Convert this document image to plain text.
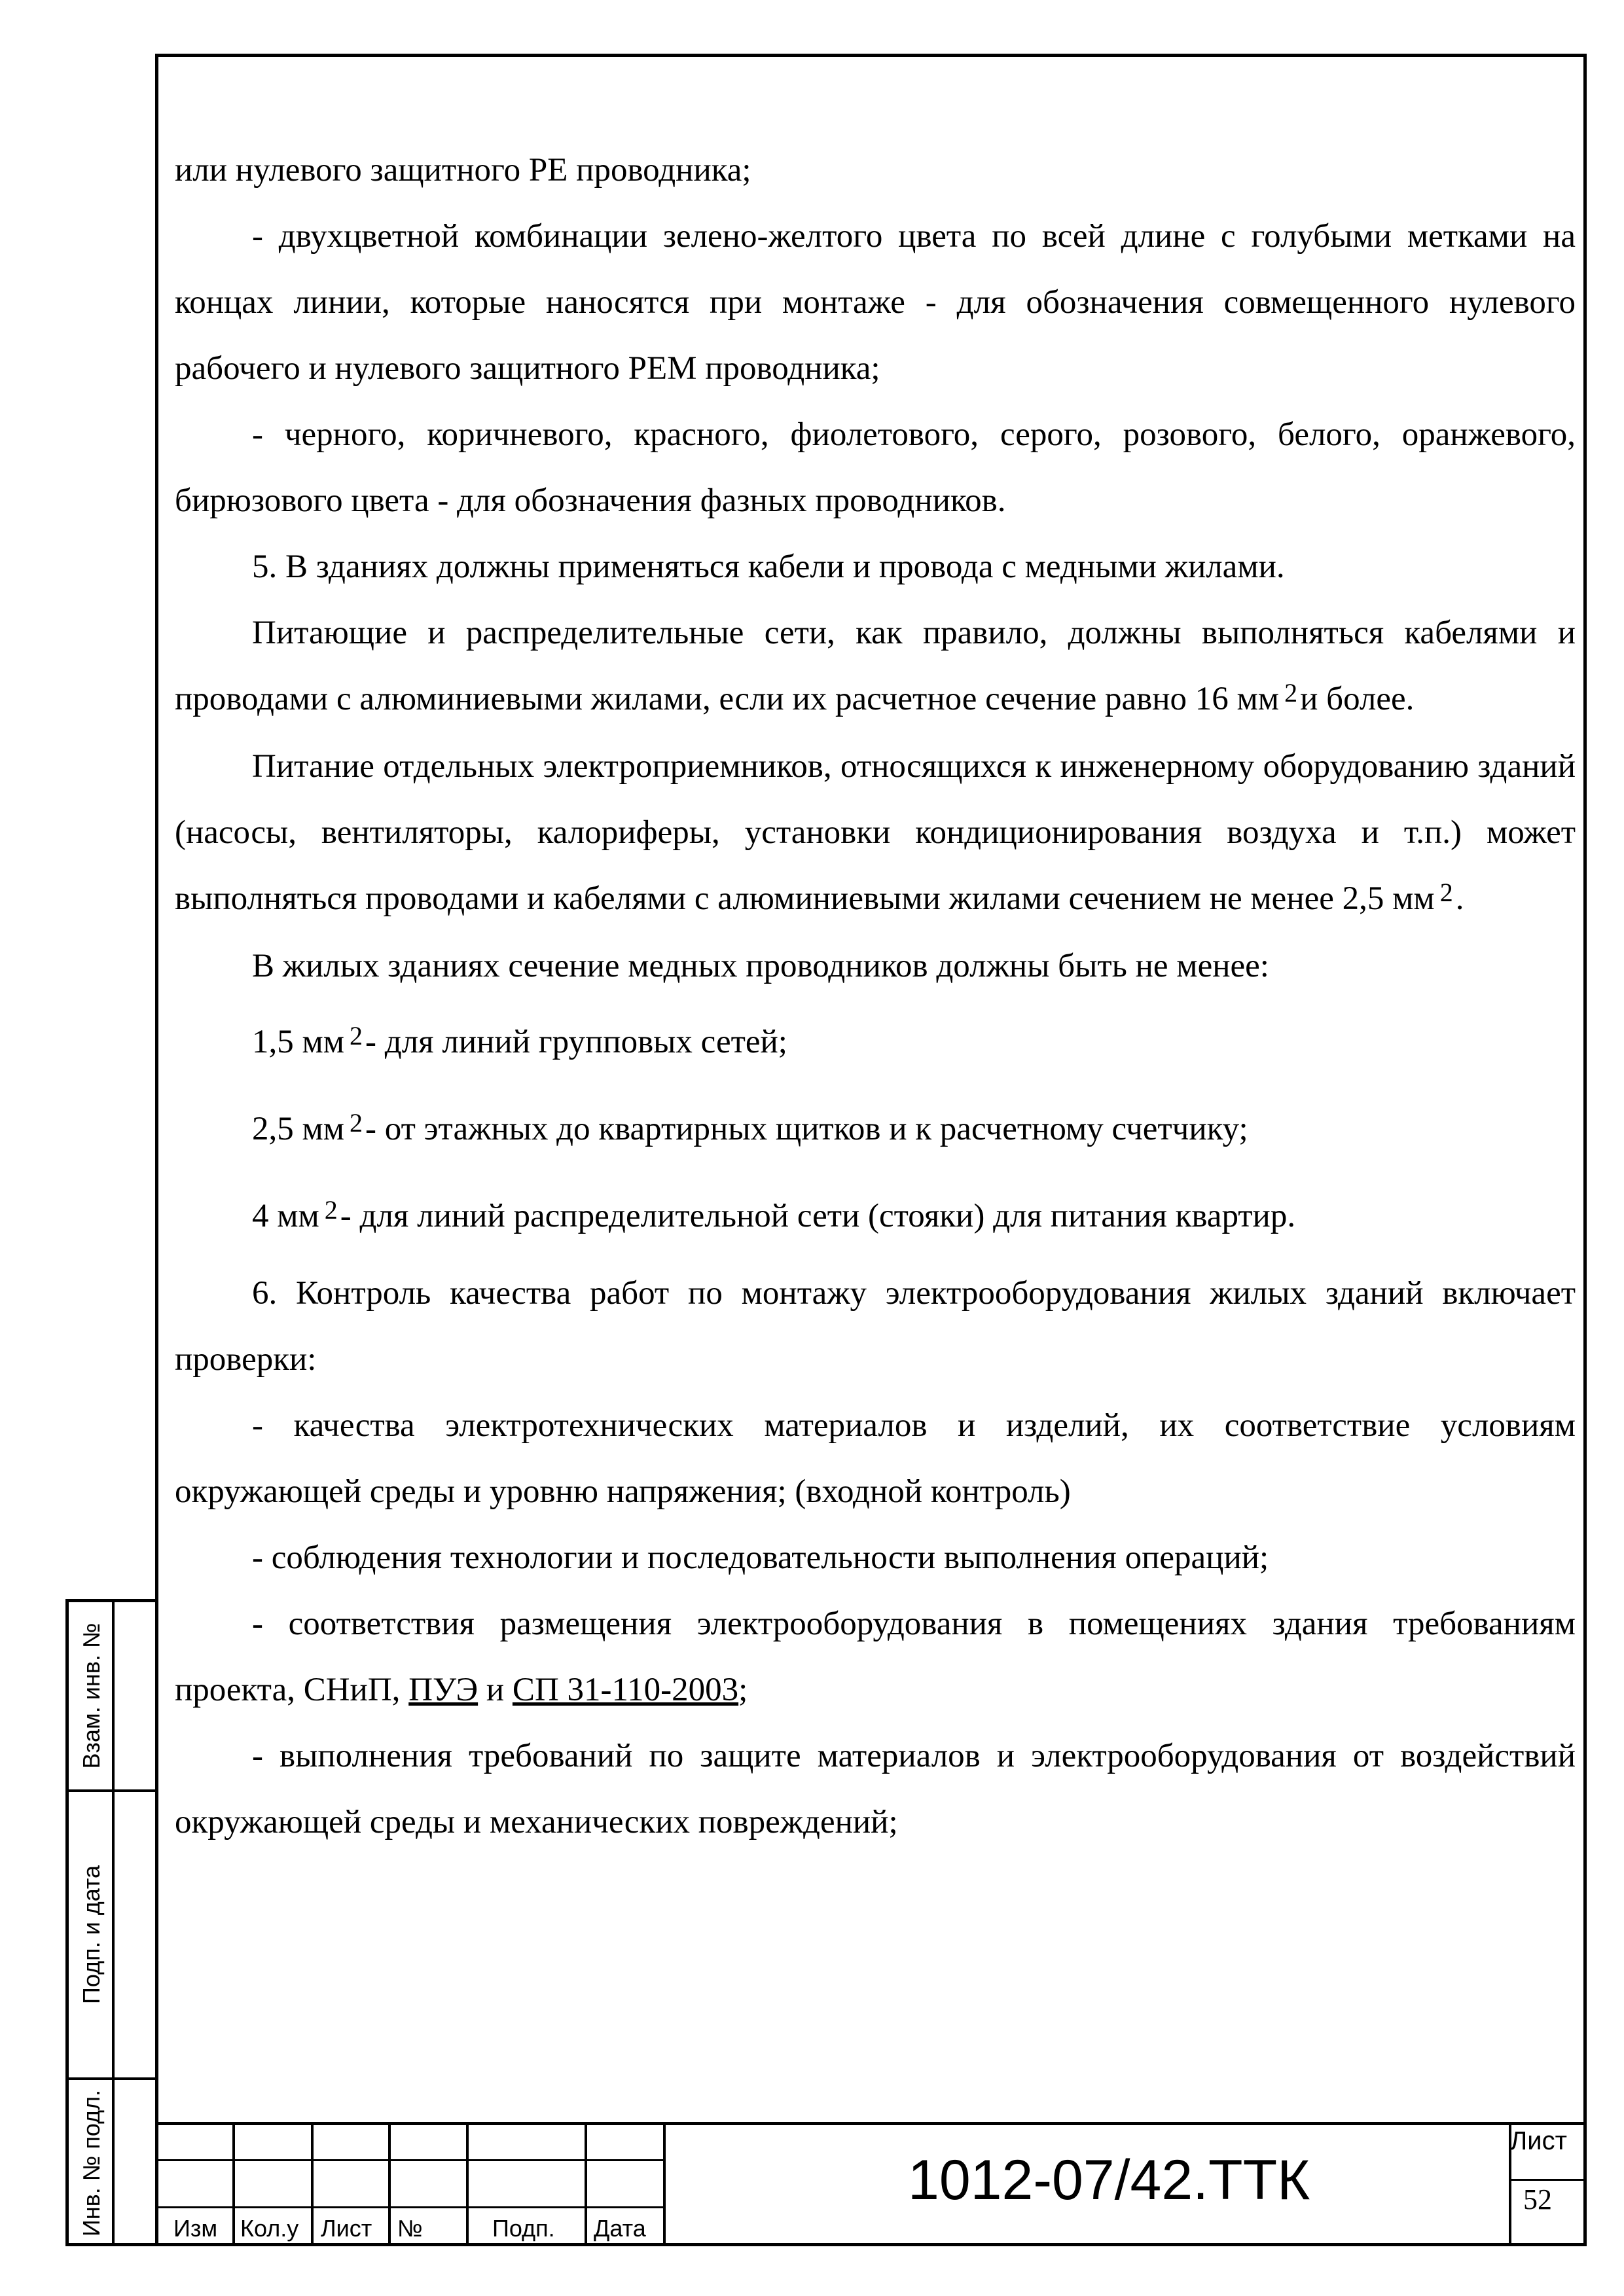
или нулевого защитного PE проводника;

- двухцветной комбинации зелено-желтого цвета по всей длине с голубыми метками на концах линии, которые наносятся при монтаже - для обозначения совмещенного нулевого рабочего и нулевого защитного PEM проводника;

- черного, коричневого, красного, фиолетового, серого, розового, белого, оранжевого, бирюзового цвета - для обозначения фазных проводников.

5. В зданиях должны применяться кабели и провода с медными жилами.

Питающие и распределительные сети, как правило, должны выполняться кабелями и проводами с алюминиевыми жилами, если их расчетное сечение равно 16 мм $^2$и более.

Питание отдельных электроприемников, относящихся к инженерному оборудованию зданий (насосы, вентиляторы, калориферы, установки кондиционирования воздуха и т.п.) может выполняться проводами и кабелями с алюминиевыми жилами сечением не менее 2,5 мм $^2$.

В жилых зданиях сечение медных проводников должны быть не менее:

1,5 мм $^2$- для линий групповых сетей;

2,5 мм $^2$- от этажных до квартирных щитков и к расчетному счетчику;

4 мм $^2$- для линий распределительной сети (стояки) для питания квартир.

6. Контроль качества работ по монтажу электрооборудования жилых зданий включает проверки:

- качества электротехнических материалов и изделий, их соответствие условиям окружающей среды и уровню напряжения; (входной контроль)

- соблюдения технологии и последовательности выполнения операций;

- соответствия размещения электрооборудования в помещениях здания требованиям проекта, СНиП, ПУЭ и СП 31-110-2003;

- выполнения требований по защите материалов и электрооборудования от воздействий окружающей среды и механических повреждений;

Взам. инв. №
Подп. и дата
Инв. № подл.	Изм Кол.у Лист №	Подп. Дата
1012-07/42.ТТК
Лист
52
